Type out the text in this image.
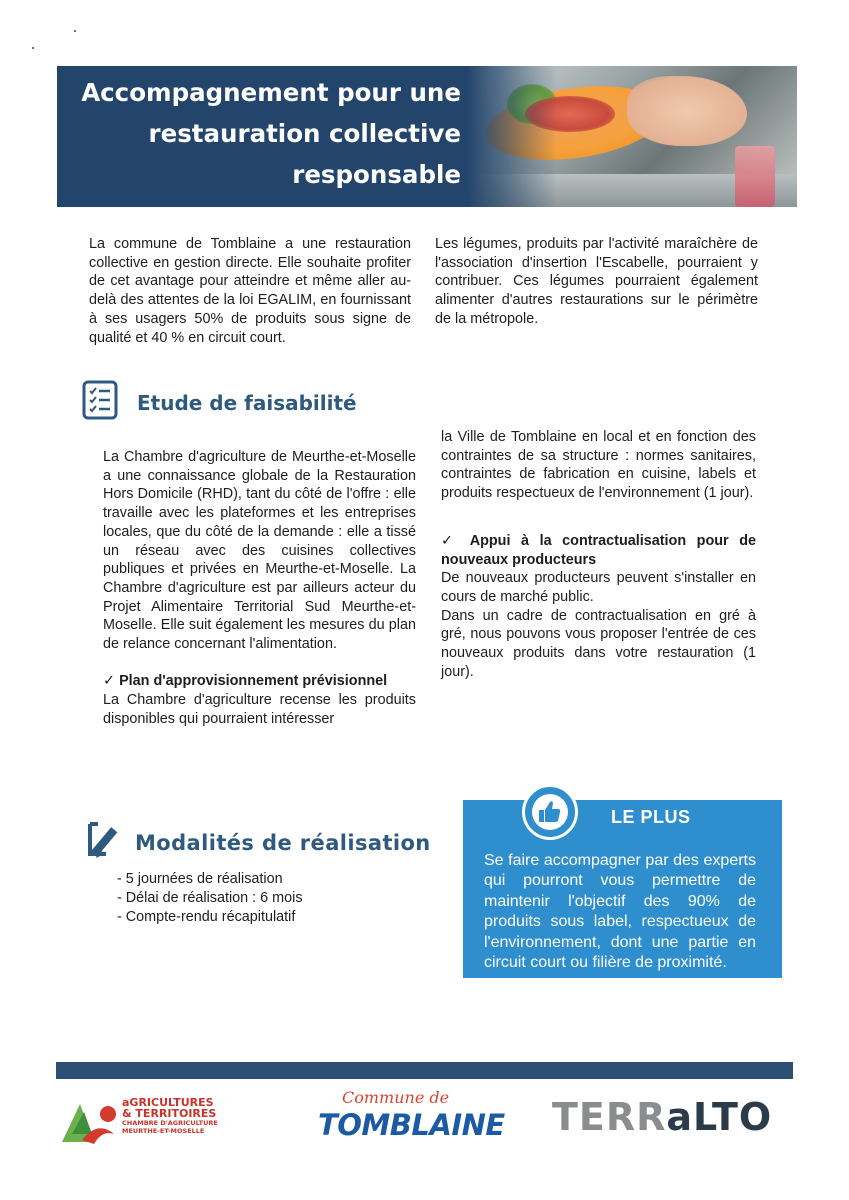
Accompagnement pour une
restauration collective
responsable
La commune de Tomblaine a une restauration collective en gestion directe. Elle souhaite profiter de cet avantage pour atteindre et même aller au-delà des attentes de la loi EGALIM, en fournissant à ses usagers 50% de produits sous signe de qualité et 40 % en circuit court.
Les légumes, produits par l'activité maraîchère de l'association d'insertion l'Escabelle, pourraient y contribuer. Ces légumes pourraient également alimenter d'autres restaurations sur le périmètre de la métropole.
Etude de faisabilité

La Chambre d'agriculture de Meurthe-et-Moselle a une connaissance globale de la Restauration Hors Domicile (RHD), tant du côté de l'offre : elle travaille avec les plateformes et les entreprises locales, que du côté de la demande : elle a tissé un réseau avec des cuisines collectives publiques et privées en Meurthe-et-Moselle. La Chambre d'agriculture est par ailleurs acteur du Projet Alimentaire Territorial Sud Meurthe-et-Moselle. Elle suit également les mesures du plan de relance concernant l'alimentation.

✓ Plan d'approvisionnement prévisionnel
La Chambre d'agriculture recense les produits disponibles qui pourraient intéresser

la Ville de Tomblaine en local et en fonction des contraintes de sa structure : normes sanitaires, contraintes de fabrication en cuisine, labels et produits respectueux de l'environnement (1 jour).

✓ Appui à la contractualisation pour de nouveaux producteurs
De nouveaux producteurs peuvent s'installer en cours de marché public.
Dans un cadre de contractualisation en gré à gré, nous pouvons vous proposer l'entrée de ces nouveaux produits dans votre restauration (1 jour).

Modalités de réalisation
- 5 journées de réalisation
- Délai de réalisation : 6 mois
- Compte-rendu récapitulatif
LE PLUS
Se faire accompagner par des experts qui pourront vous permettre de maintenir l'objectif des 90% de produits sous label, respectueux de l'environnement, dont une partie en circuit court ou filière de proximité.
aGRICULTURES
& TERRITOIRES
CHAMBRE D'AGRICULTURE
MEURTHE-ET-MOSELLE
Commune de
TOMBLAINE TERRaLTO
